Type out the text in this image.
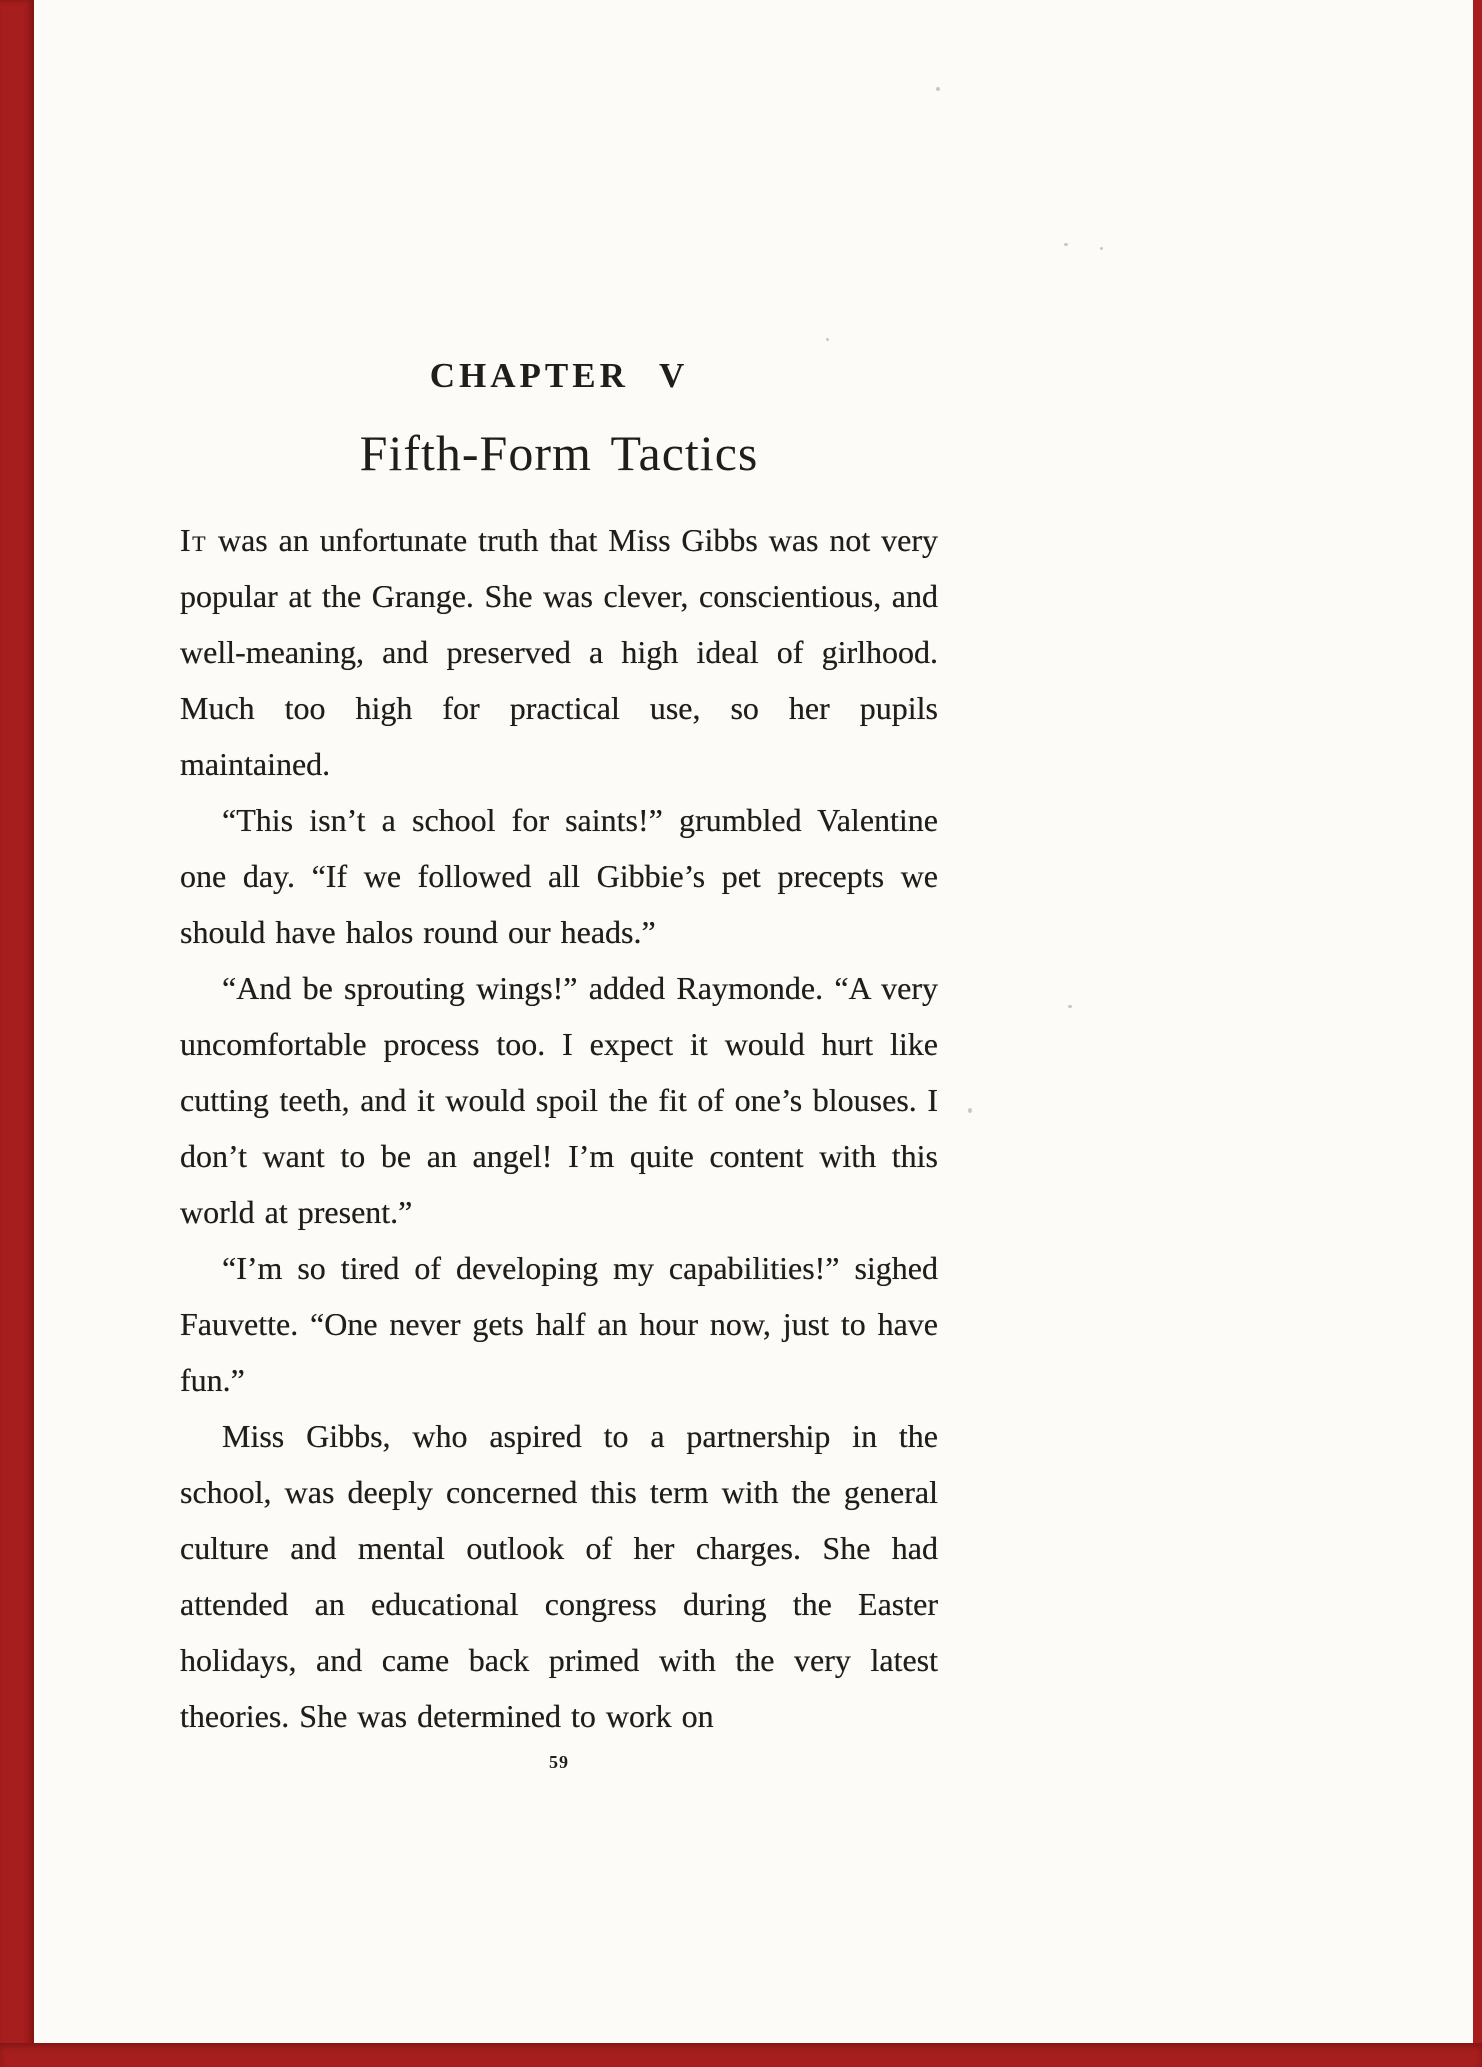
CHAPTER V
Fifth-Form Tactics

It was an unfortunate truth that Miss Gibbs was not very popular at the Grange. She was clever, conscientious, and well-meaning, and preserved a high ideal of girlhood. Much too high for practical use, so her pupils maintained.

“This isn’t a school for saints!” grumbled Valentine one day. “If we followed all Gibbie’s pet precepts we should have halos round our heads.”

“And be sprouting wings!” added Raymonde. “A very uncomfortable process too. I expect it would hurt like cutting teeth, and it would spoil the fit of one’s blouses. I don’t want to be an angel! I’m quite content with this world at present.”

“I’m so tired of developing my capabilities!” sighed Fauvette. “One never gets half an hour now, just to have fun.”

Miss Gibbs, who aspired to a partnership in the school, was deeply concerned this term with the general culture and mental outlook of her charges. She had attended an educational congress during the Easter holidays, and came back primed with the very latest theories. She was determined to work on

59
